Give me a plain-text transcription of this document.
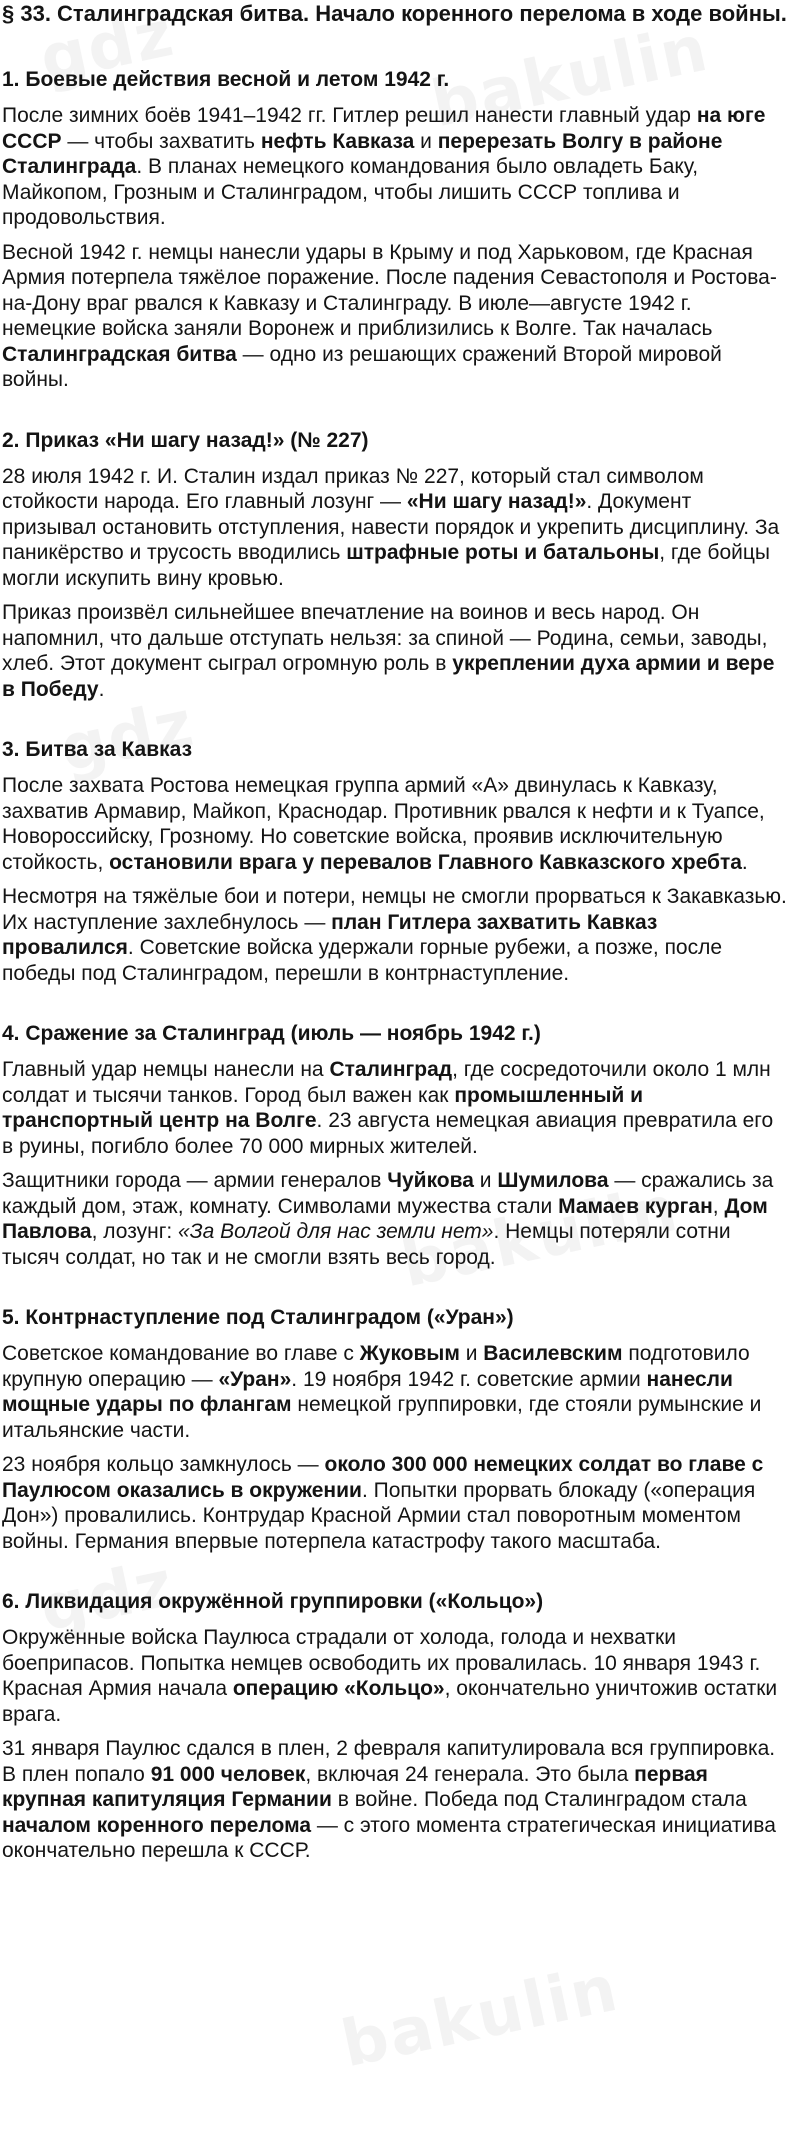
§ 33. Сталинградская битва. Начало коренного перелома в ходе войны.
1. Боевые действия весной и летом 1942 г.

После зимних боёв 1941–1942 гг. Гитлер решил нанести главный удар на юге СССР — чтобы захватить нефть Кавказа и перерезать Волгу в районе Сталинграда. В планах немецкого командования было овладеть Баку, Майкопом, Грозным и Сталинградом, чтобы лишить СССР топлива и продовольствия.

Весной 1942 г. немцы нанесли удары в Крыму и под Харьковом, где Красная Армия потерпела тяжёлое поражение. После падения Севастополя и Ростова-на-Дону враг рвался к Кавказу и Сталинграду. В июле—августе 1942 г. немецкие войска заняли Воронеж и приблизились к Волге. Так началась Сталинградская битва — одно из решающих сражений Второй мировой войны.

2. Приказ «Ни шагу назад!» (№ 227)

28 июля 1942 г. И. Сталин издал приказ № 227, который стал символом стойкости народа. Его главный лозунг — «Ни шагу назад!». Документ призывал остановить отступления, навести порядок и укрепить дисциплину. За паникёрство и трусость вводились штрафные роты и батальоны, где бойцы могли искупить вину кровью.

Приказ произвёл сильнейшее впечатление на воинов и весь народ. Он напомнил, что дальше отступать нельзя: за спиной — Родина, семьи, заводы, хлеб. Этот документ сыграл огромную роль в укреплении духа армии и вере в Победу.

3. Битва за Кавказ

После захвата Ростова немецкая группа армий «А» двинулась к Кавказу, захватив Армавир, Майкоп, Краснодар. Противник рвался к нефти и к Туапсе, Новороссийску, Грозному. Но советские войска, проявив исключительную стойкость, остановили врага у перевалов Главного Кавказского хребта.

Несмотря на тяжёлые бои и потери, немцы не смогли прорваться к Закавказью. Их наступление захлебнулось — план Гитлера захватить Кавказ провалился. Советские войска удержали горные рубежи, а позже, после победы под Сталинградом, перешли в контрнаступление.

4. Сражение за Сталинград (июль — ноябрь 1942 г.)

Главный удар немцы нанесли на Сталинград, где сосредоточили около 1 млн солдат и тысячи танков. Город был важен как промышленный и транспортный центр на Волге. 23 августа немецкая авиация превратила его в руины, погибло более 70 000 мирных жителей.

Защитники города — армии генералов Чуйкова и Шумилова — сражались за каждый дом, этаж, комнату. Символами мужества стали Мамаев курган, Дом Павлова, лозунг: «За Волгой для нас земли нет». Немцы потеряли сотни тысяч солдат, но так и не смогли взять весь город.

5. Контрнаступление под Сталинградом («Уран»)

Советское командование во главе с Жуковым и Василевским подготовило крупную операцию — «Уран». 19 ноября 1942 г. советские армии нанесли мощные удары по флангам немецкой группировки, где стояли румынские и итальянские части.

23 ноября кольцо замкнулось — около 300 000 немецких солдат во главе с Паулюсом оказались в окружении. Попытки прорвать блокаду («операция Дон») провалились. Контрудар Красной Армии стал поворотным моментом войны. Германия впервые потерпела катастрофу такого масштаба.

6. Ликвидация окружённой группировки («Кольцо»)

Окружённые войска Паулюса страдали от холода, голода и нехватки боеприпасов. Попытка немцев освободить их провалилась. 10 января 1943 г. Красная Армия начала операцию «Кольцо», окончательно уничтожив остатки врага.

31 января Паулюс сдался в плен, 2 февраля капитулировала вся группировка. В плен попало 91 000 человек, включая 24 генерала. Это была первая крупная капитуляция Германии в войне. Победа под Сталинградом стала началом коренного перелома — с этого момента стратегическая инициатива окончательно перешла к СССР.
